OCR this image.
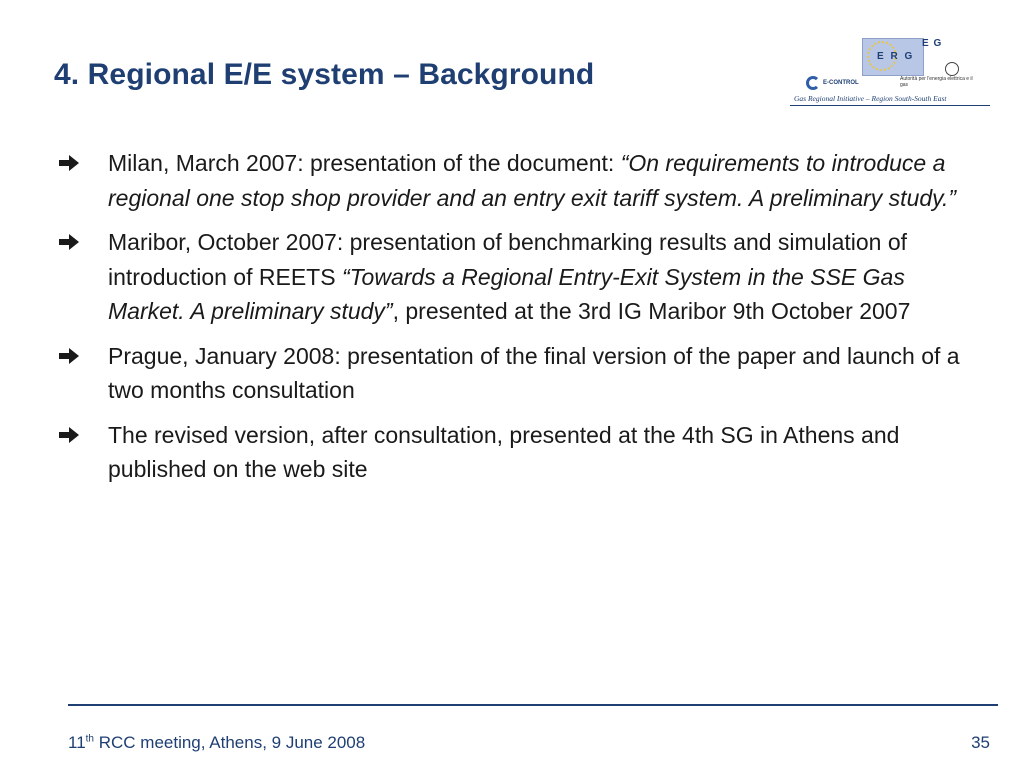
4. Regional E/E system – Background
E R G
E G
E-CONTROL
Autorità per l'energia elettrica e il gas
Gas Regional Initiative – Region South-South East
Milan, March 2007: presentation of the document: “On requirements to introduce a regional one stop shop provider and an entry exit tariff system. A preliminary study.”
Maribor, October 2007: presentation of benchmarking results and simulation of introduction of REETS “Towards a Regional Entry-Exit System in the SSE Gas Market. A preliminary study”, presented at the 3rd IG Maribor 9th October 2007
Prague, January 2008: presentation of the final version of the paper and launch of a two months consultation
The revised version, after consultation, presented at the 4th SG in Athens and published on the web site
11th RCC meeting, Athens, 9 June 2008	35
